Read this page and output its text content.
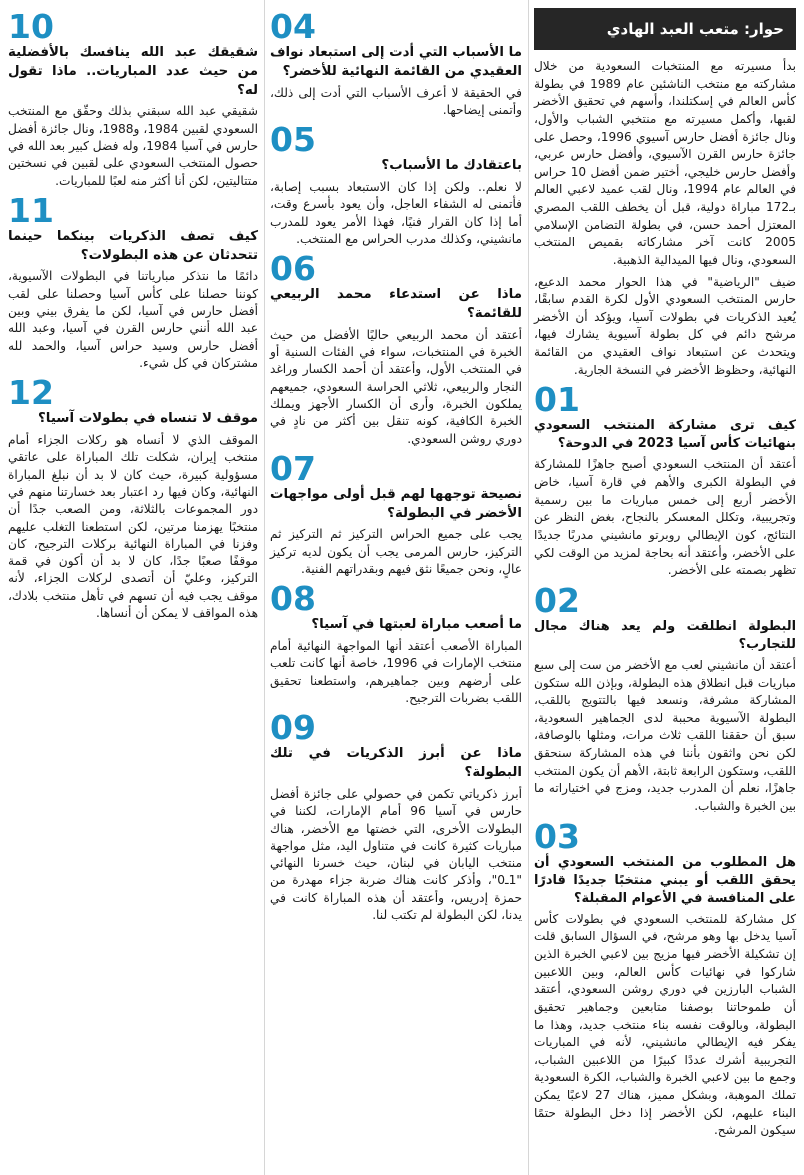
حوار: متعب العبد الهادي
بدأ مسيرته مع المنتخبات السعودية من خلال مشاركته مع منتخب الناشئين عام 1989 في بطولة كأس العالم في إسكتلندا، وأسهم في تحقيق الأخضر لقبها، وأكمل مسيرته مع منتخبي الشباب والأول، ونال جائزة أفضل حارس آسيوي 1996، وحصل على جائزة حارس القرن الآسيوي، وأفضل حارس عربي، وأفضل حارس خليجي، أختير ضمن أفضل 10 حراس في العالم عام 1994، ونال لقب عميد لاعبي العالم بـ172 مباراة دولية، قبل أن يخطف اللقب المصري المعتزل أحمد حسن، في بطولة التضامن الإسلامي 2005 كانت آخر مشاركاته بقميص المنتخب السعودي، ونال فيها الميدالية الذهبية.
ضيف "الرياضية" في هذا الحوار محمد الدعيع، حارس المنتخب السعودي الأول لكرة القدم سابقًا، يُعيد الذكريات في بطولات آسيا، ويؤكد أن الأخضر مرشح دائم في كل بطولة آسيوية يشارك فيها، ويتحدث عن استبعاد نواف العقيدي من القائمة النهائية، وحظوظ الأخضر في النسخة الجارية.
01
كيف ترى مشاركة المنتخب السعودي بنهائيات كأس آسيا 2023 في الدوحة؟
أعتقد أن المنتخب السعودي أصبح جاهزًا للمشاركة في البطولة الكبرى والأهم في قارة آسيا، خاض الأخضر أربع إلى خمس مباريات ما بين رسمية وتجريبية، وتكلل المعسكر بالنجاح، بغض النظر عن النتائج، كون الإيطالي روبرتو مانشيني مدربًا جديدًا على الأخضر، وأعتقد أنه بحاجة لمزيد من الوقت لكي تظهر بصمته على الأخضر.
02
البطولة انطلقت ولم يعد هناك مجال للتجارب؟
أعتقد أن مانشيني لعب مع الأخضر من ست إلى سبع مباريات قبل انطلاق هذه البطولة، وبإذن الله ستكون المشاركة مشرفة، ونسعد فيها بالتتويج باللقب، البطولة الآسيوية محببة لدى الجماهير السعودية، سبق أن حققنا اللقب ثلاث مرات، ومثلها بالوصافة، لكن نحن واثقون بأننا في هذه المشاركة سنحقق اللقب، وستكون الرابعة ثابتة، الأهم أن يكون المنتخب جاهزًا، نعلم أن المدرب جديد، ومزج في اختياراته ما بين الخبرة والشباب.
03
هل المطلوب من المنتخب السعودي أن يحقق اللقب أو يبني منتخبًا جديدًا قادرًا على المنافسة في الأعوام المقبلة؟
كل مشاركة للمنتخب السعودي في بطولات كأس آسيا يدخل بها وهو مرشح، في السؤال السابق قلت إن تشكيلة الأخضر فيها مزيج بين لاعبي الخبرة الذين شاركوا في نهائيات كأس العالم، وبين اللاعبين الشباب البارزين في دوري روشن السعودي، أعتقد أن طموحاتنا بوصفنا متابعين وجماهير تحقيق البطولة، وبالوقت نفسه بناء منتخب جديد، وهذا ما يفكر فيه الإيطالي مانشيني، لأنه في المباريات التجريبية أشرك عددًا كبيرًا من اللاعبين الشباب، وجمع ما بين لاعبي الخبرة والشباب، الكرة السعودية تملك الموهبة، وبشكل مميز، هناك 27 لاعبًا يمكن البناء عليهم، لكن الأخضر إذا دخل البطولة حتمًا سيكون المرشح.
04
ما الأسباب التي أدت إلى استبعاد نواف العقيدي من القائمة النهائية للأخضر؟
في الحقيقة لا أعرف الأسباب التي أدت إلى ذلك، وأتمنى إيضاحها.
05
باعتقادك ما الأسباب؟
لا نعلم.. ولكن إذا كان الاستبعاد بسبب إصابة، فأتمنى له الشفاء العاجل، وأن يعود بأسرع وقت، أما إذا كان القرار فنيًا، فهذا الأمر يعود للمدرب مانشيني، وكذلك مدرب الحراس مع المنتخب.
06
ماذا عن استدعاء محمد الربيعي للقائمة؟
أعتقد أن محمد الربيعي حاليًا الأفضل من حيث الخبرة في المنتخبات، سواء في الفئات السنية أو في المنتخب الأول، وأعتقد أن أحمد الكسار وراغد النجار والربيعي، ثلاثي الحراسة السعودي، جميعهم يملكون الخبرة، وأرى أن الكسار الأجهز ويملك الخبرة الكافية، كونه تنقل بين أكثر من نادٍ في دوري روشن السعودي.
07
نصيحة توجهها لهم قبل أولى مواجهات الأخضر في البطولة؟
يجب على جميع الحراس التركيز ثم التركيز ثم التركيز، حارس المرمى يجب أن يكون لديه تركيز عالٍ، ونحن جميعًا نثق فيهم وبقدراتهم الفنية.
08
ما أصعب مباراة لعبتها في آسيا؟
المباراة الأصعب أعتقد أنها المواجهة النهائية أمام منتخب الإمارات في 1996، خاصة أنها كانت تلعب على أرضهم وبين جماهيرهم، واستطعنا تحقيق اللقب بضربات الترجيح.
09
ماذا عن أبرز الذكريات في تلك البطولة؟
أبرز ذكرياتي تكمن في حصولي على جائزة أفضل حارس في آسيا 96 أمام الإمارات، لكننا في البطولات الأخرى، التي خضتها مع الأخضر، هناك مباريات كثيرة كانت في متناول اليد، مثل مواجهة منتخب اليابان في لبنان، حيث خسرنا النهائي "1ـ0"، وأذكر كانت هناك ضربة جزاء مهدرة من حمزة إدريس، وأعتقد أن هذه المباراة كانت في يدنا، لكن البطولة لم تكتب لنا.
10
شقيقك عبد الله ينافسك بالأفضلية من حيث عدد المباريات.. ماذا تقول له؟
شقيقي عبد الله سبقني بذلك وحقّق مع المنتخب السعودي لقبين 1984، و1988، ونال جائزة أفضل حارس في آسيا 1984، وله فضل كبير بعد الله في حصول المنتخب السعودي على لقبين في نسختين متتاليتين، لكن أنا أكثر منه لعبًا للمباريات.
11
كيف تصف الذكريات بينكما حينما تتحدثان عن هذه البطولات؟
دائمًا ما نتذكر مبارياتنا في البطولات الآسيوية، كوننا حصلنا على كأس آسيا وحصلنا على لقب أفضل حارس في آسيا، لكن ما يفرق بيني وبين عبد الله أنني حارس القرن في آسيا، وعبد الله أفضل حارس وسيد حراس آسيا، والحمد لله مشتركان في كل شيء.
12
موقف لا تنساه في بطولات آسيا؟
الموقف الذي لا أنساه هو ركلات الجزاء أمام منتخب إيران، شكلت تلك المباراة على عاتقي مسؤولية كبيرة، حيث كان لا بد أن نبلغ المباراة النهائية، وكان فيها رد اعتبار بعد خسارتنا منهم في دور المجموعات بالثلاثة، ومن الصعب جدًا أن منتخبًا يهزمنا مرتين، لكن استطعنا التغلب عليهم وفزنا في المباراة النهائية بركلات الترجيح، كان موقفًا صعبًا جدًا، كان لا بد أن أكون في قمة التركيز، وعليّ أن أتصدى لركلات الجزاء، لأنه موقف يجب فيه أن تسهم في تأهل منتخب بلادك، هذه المواقف لا يمكن أن أنساها.
